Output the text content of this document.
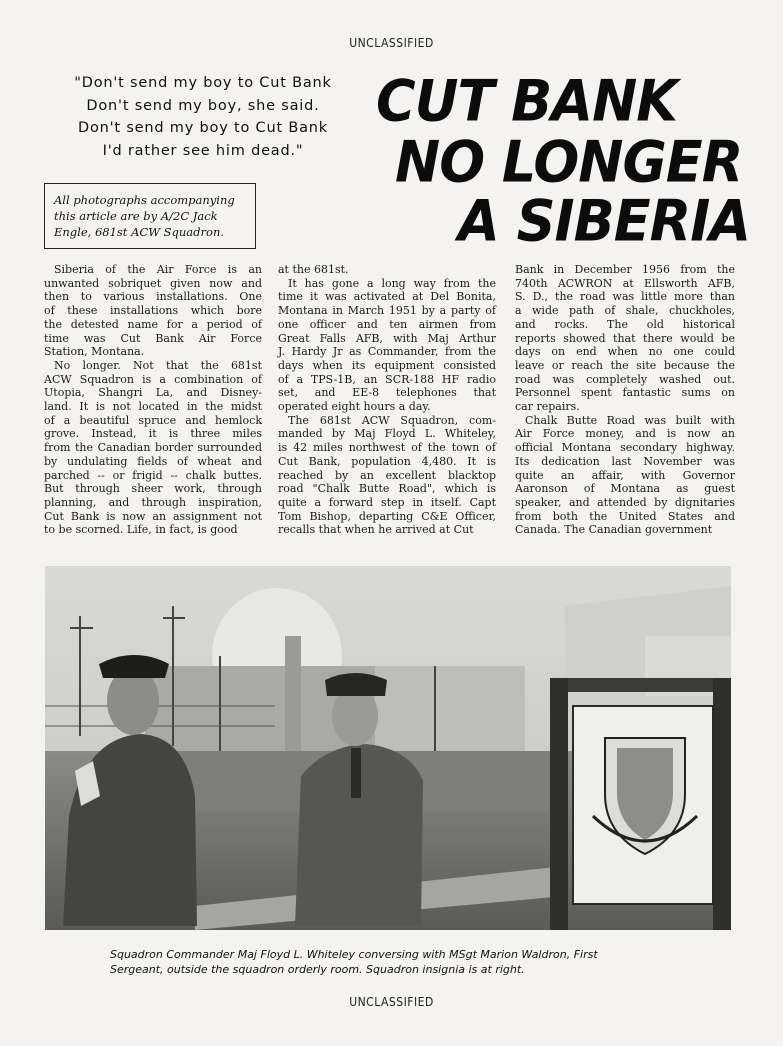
UNCLASSIFIED
"Don't send my boy to Cut Bank
Don't send my boy, she said.
Don't send my boy to Cut Bank
I'd rather see him dead."
CUT BANK
NO LONGER
A SIBERIA
All photographs accompanying
this article are by A/2C Jack
Engle, 681st ACW Squadron.

Siberia of the Air Force is an
unwanted sobriquet given now and
then to various installations. One
of these installations which bore
the detested name for a period of
time was Cut Bank Air Force
Station, Montana.

No longer. Not that the 681st
ACW Squadron is a combination of
Utopia, Shangri La, and Disney-
land. It is not located in the midst
of a beautiful spruce and hemlock
grove. Instead, it is three miles
from the Canadian border surrounded
by undulating fields of wheat and
parched -- or frigid -- chalk buttes.
But through sheer work, through
planning, and through inspiration,
Cut Bank is now an assignment not
to be scorned. Life, in fact, is good

at the 681st.

It has gone a long way from the
time it was activated at Del Bonita,
Montana in March 1951 by a party of
one officer and ten airmen from
Great Falls AFB, with Maj Arthur
J. Hardy Jr as Commander, from the
days when its equipment consisted
of a TPS-1B, an SCR-188 HF radio
set, and EE-8 telephones that
operated eight hours a day.

The 681st ACW Squadron, com-
manded by Maj Floyd L. Whiteley,
is 42 miles northwest of the town of
Cut Bank, population 4,480. It is
reached by an excellent blacktop
road "Chalk Butte Road", which is
quite a forward step in itself. Capt
Tom Bishop, departing C&E Officer,
recalls that when he arrived at Cut

Bank in December 1956 from the
740th ACWRON at Ellsworth AFB,
S. D., the road was little more than
a wide path of shale, chuckholes,
and rocks. The old historical
reports showed that there would be
days on end when no one could
leave or reach the site because the
road was completely washed out.
Personnel spent fantastic sums on
car repairs.

Chalk Butte Road was built with
Air Force money, and is now an
official Montana secondary highway.
Its dedication last November was
quite an affair, with Governor
Aaronson of Montana as guest
speaker, and attended by dignitaries
from both the United States and
Canada. The Canadian government

Squadron Commander Maj Floyd L. Whiteley conversing with MSgt Marion Waldron, First
Sergeant, outside the squadron orderly room. Squadron insignia is at right.
UNCLASSIFIED
